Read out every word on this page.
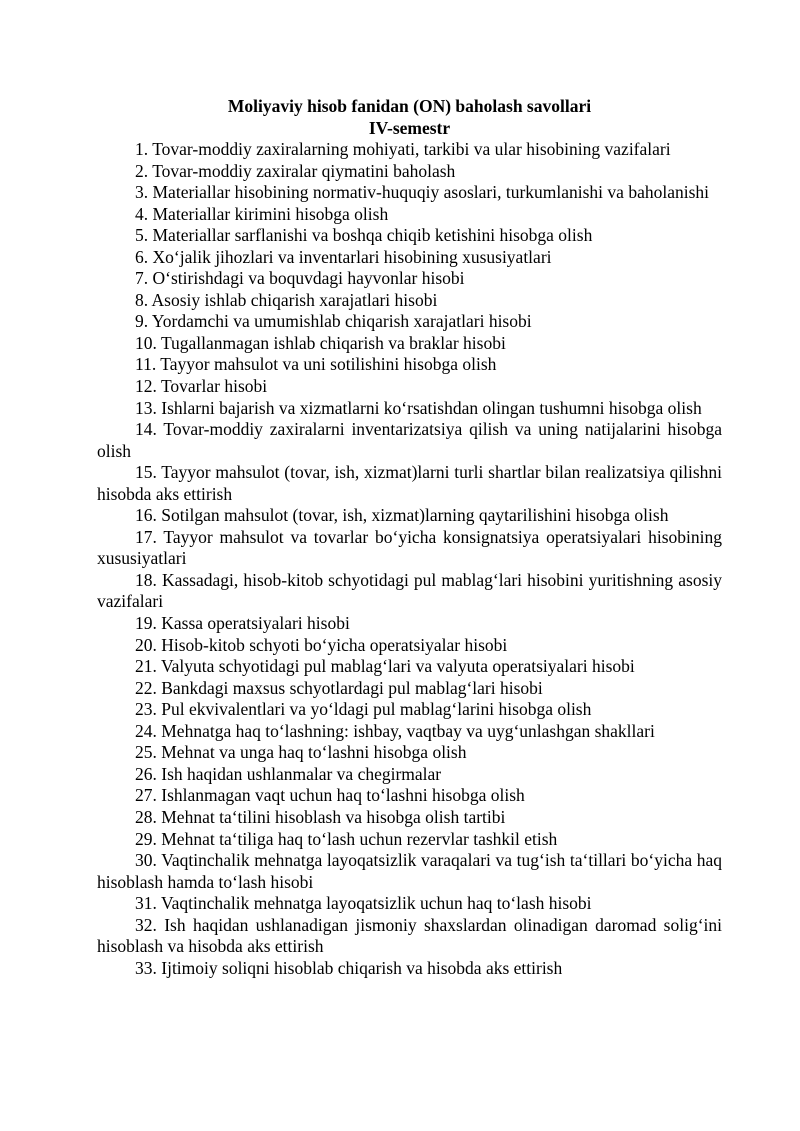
Moliyaviy hisob fanidan (ON) baholash savollari

IV-semestr

1. Tovar-moddiy zaxiralarning mohiyati, tarkibi va ular hisobining vazifalari

2. Tovar-moddiy zaxiralar qiymatini baholash

3. Materiallar hisobining normativ-huquqiy asoslari, turkumlanishi va baholanishi

4. Materiallar kirimini hisobga olish

5. Materiallar sarflanishi va boshqa chiqib ketishini hisobga olish

6. Xo‘jalik jihozlari va inventarlari hisobining xususiyatlari

7. O‘stirishdagi va boquvdagi hayvonlar hisobi

8. Asosiy ishlab chiqarish xarajatlari hisobi

9. Yordamchi va umumishlab chiqarish xarajatlari hisobi

10. Tugallanmagan ishlab chiqarish va braklar hisobi

11. Tayyor mahsulot va uni sotilishini hisobga olish

12. Tovarlar hisobi

13. Ishlarni bajarish va xizmatlarni ko‘rsatishdan olingan tushumni hisobga olish

14. Tovar-moddiy zaxiralarni inventarizatsiya qilish va uning natijalarini hisobga olish

15. Tayyor mahsulot (tovar, ish, xizmat)larni turli shartlar bilan realizatsiya qilishni hisobda aks ettirish

16. Sotilgan mahsulot (tovar, ish, xizmat)larning qaytarilishini hisobga olish

17. Tayyor mahsulot va tovarlar bo‘yicha konsignatsiya operatsiyalari hisobining xususiyatlari

18. Kassadagi, hisob-kitob schyotidagi pul mablag‘lari hisobini yuritishning asosiy vazifalari

19. Kassa operatsiyalari hisobi

20. Hisob-kitob schyoti bo‘yicha operatsiyalar hisobi

21. Valyuta schyotidagi pul mablag‘lari va valyuta operatsiyalari hisobi

22. Bankdagi maxsus schyotlardagi pul mablag‘lari hisobi

23. Pul ekvivalentlari va yo‘ldagi pul mablag‘larini hisobga olish

24. Mehnatga haq to‘lashning: ishbay, vaqtbay va uyg‘unlashgan shakllari

25. Mehnat va unga haq to‘lashni hisobga olish

26. Ish haqidan ushlanmalar va chegirmalar

27. Ishlanmagan vaqt uchun haq to‘lashni hisobga olish

28. Mehnat ta‘tilini hisoblash va hisobga olish tartibi

29. Mehnat ta‘tiliga haq to‘lash uchun rezervlar tashkil etish

30. Vaqtinchalik mehnatga layoqatsizlik varaqalari va tug‘ish ta‘tillari bo‘yicha haq hisoblash hamda to‘lash hisobi

31. Vaqtinchalik mehnatga layoqatsizlik uchun haq to‘lash hisobi

32. Ish haqidan ushlanadigan jismoniy shaxslardan olinadigan daromad solig‘ini hisoblash va hisobda aks ettirish

33. Ijtimoiy soliqni hisoblab chiqarish va hisobda aks ettirish
